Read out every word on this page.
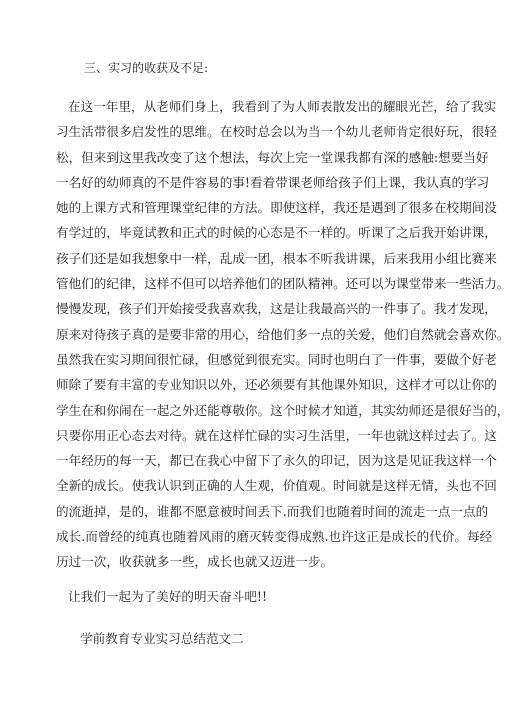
三、实习的收获及不足:
在这一年里，从老师们身上，我看到了为人师表散发出的耀眼光芒，给了我实
习生活带很多启发性的思维。在校时总会以为当一个幼儿老师肯定很好玩，很轻
松，但来到这里我改变了这个想法，每次上完一堂课我都有深的感触:想要当好
一名好的幼师真的不是件容易的事!看着带课老师给孩子们上课，我认真的学习
她的上课方式和管理课堂纪律的方法。即使这样，我还是遇到了很多在校期间没
有学过的，毕竟试教和正式的时候的心态是不一样的。听课了之后我开始讲课，
孩子们还是如我想象中一样，乱成一团，根本不听我讲课，后来我用小组比赛来
管他们的纪律，这样不但可以培养他们的团队精神。还可以为课堂带来一些活力。
慢慢发现，孩子们开始接受我喜欢我，这是让我最高兴的一件事了。我才发现，
原来对待孩子真的是要非常的用心，给他们多一点的关爱，他们自然就会喜欢你。
虽然我在实习期间很忙碌，但感觉到很充实。同时也明白了一件事，要做个好老
师除了要有丰富的专业知识以外，还必须要有其他课外知识，这样才可以让你的
学生在和你闹在一起之外还能尊敬你。这个时候才知道，其实幼师还是很好当的，
只要你用正心态去对待。就在这样忙碌的实习生活里，一年也就这样过去了。这
一年经历的每一天，都已在我心中留下了永久的印记，因为这是见证我这样一个
全新的成长。使我认识到正确的人生观，价值观。时间就是这样无情，头也不回
的流逝掉，是的，谁都不愿意被时间丢下.而我们也随着时间的流走一点一点的
成长.而曾经的纯真也随着风雨的磨灭转变得成熟.也许这正是成长的代价。每经
历过一次，收获就多一些，成长也就又迈进一步。
让我们一起为了美好的明天奋斗吧!!
学前教育专业实习总结范文二
